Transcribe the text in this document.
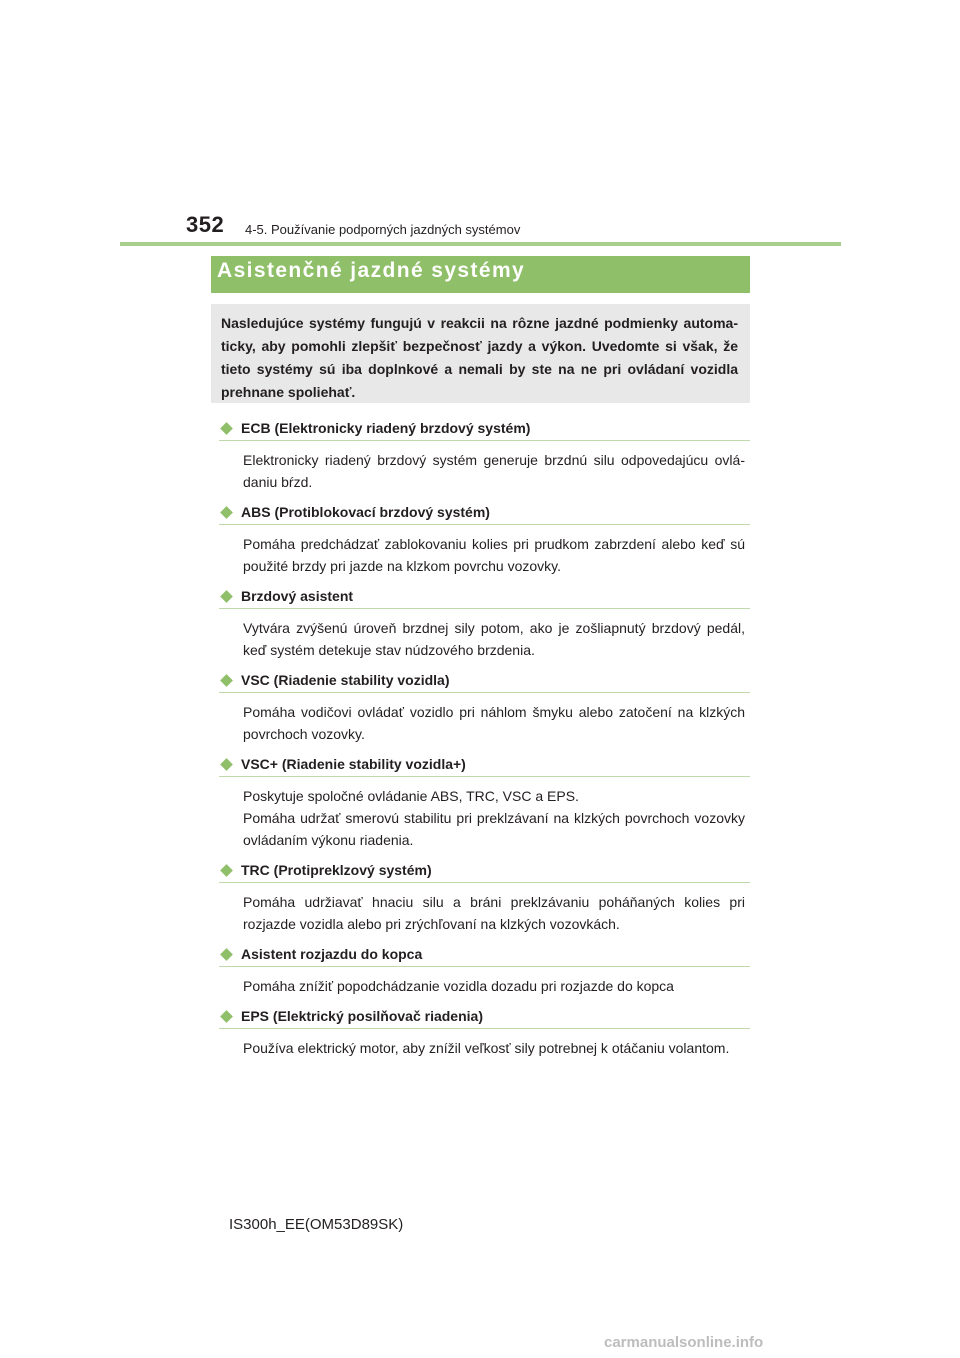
352 4-5. Používanie podporných jazdných systémov
Asistenčné jazdné systémy

Nasledujúce systémy fungujú v reakcii na rôzne jazdné podmienky automaticky, aby pomohli zlepšiť bezpečnosť jazdy a výkon. Uvedomte si však, že tieto systémy sú iba doplnkové a nemali by ste na ne pri ovládaní vozidla prehnane spoliehať.

ECB (Elektronicky riadený brzdový systém)
Elektronicky riadený brzdový systém generuje brzdnú silu odpovedajúcu ovládaniu bŕzd.
ABS (Protiblokovací brzdový systém)
Pomáha predchádzať zablokovaniu kolies pri prudkom zabrzdení alebo keď sú použité brzdy pri jazde na klzkom povrchu vozovky.
Brzdový asistent
Vytvára zvýšenú úroveň brzdnej sily potom, ako je zošliapnutý brzdový pedál, keď systém detekuje stav núdzového brzdenia.
VSC (Riadenie stability vozidla)
Pomáha vodičovi ovládať vozidlo pri náhlom šmyku alebo zatočení na klzkých povrchoch vozovky.
VSC+ (Riadenie stability vozidla+)
Poskytuje spoločné ovládanie ABS, TRC, VSC a EPS.
Pomáha udržať smerovú stabilitu pri preklzávaní na klzkých povrchoch vozovky ovládaním výkonu riadenia.
TRC (Protipreklzový systém)
Pomáha udržiavať hnaciu silu a bráni preklzávaniu poháňaných kolies pri rozjazde vozidla alebo pri zrýchľovaní na klzkých vozovkách.
Asistent rozjazdu do kopca
Pomáha znížiť popodchádzanie vozidla dozadu pri rozjazde do kopca
EPS (Elektrický posilňovač riadenia)
Používa elektrický motor, aby znížil veľkosť sily potrebnej k otáčaniu volantom.
IS300h_EE(OM53D89SK)
carmanualsonline.info
